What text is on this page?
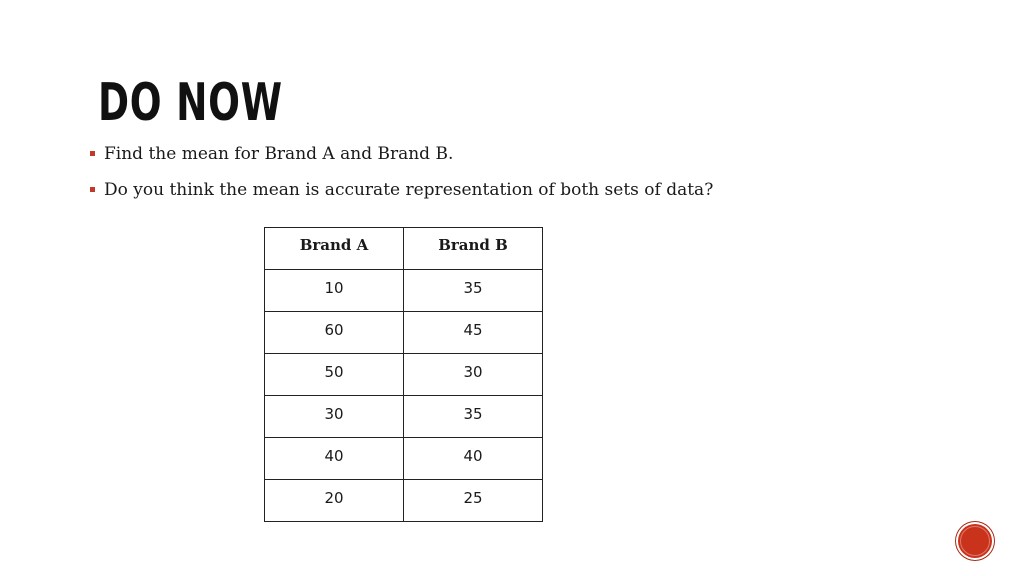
DO NOW
Find the mean for Brand A and Brand B.
Do you think the mean is accurate representation of both sets of data?
Brand A	Brand B
10	35
60	45
50	30
30	35
40	40
20	25
